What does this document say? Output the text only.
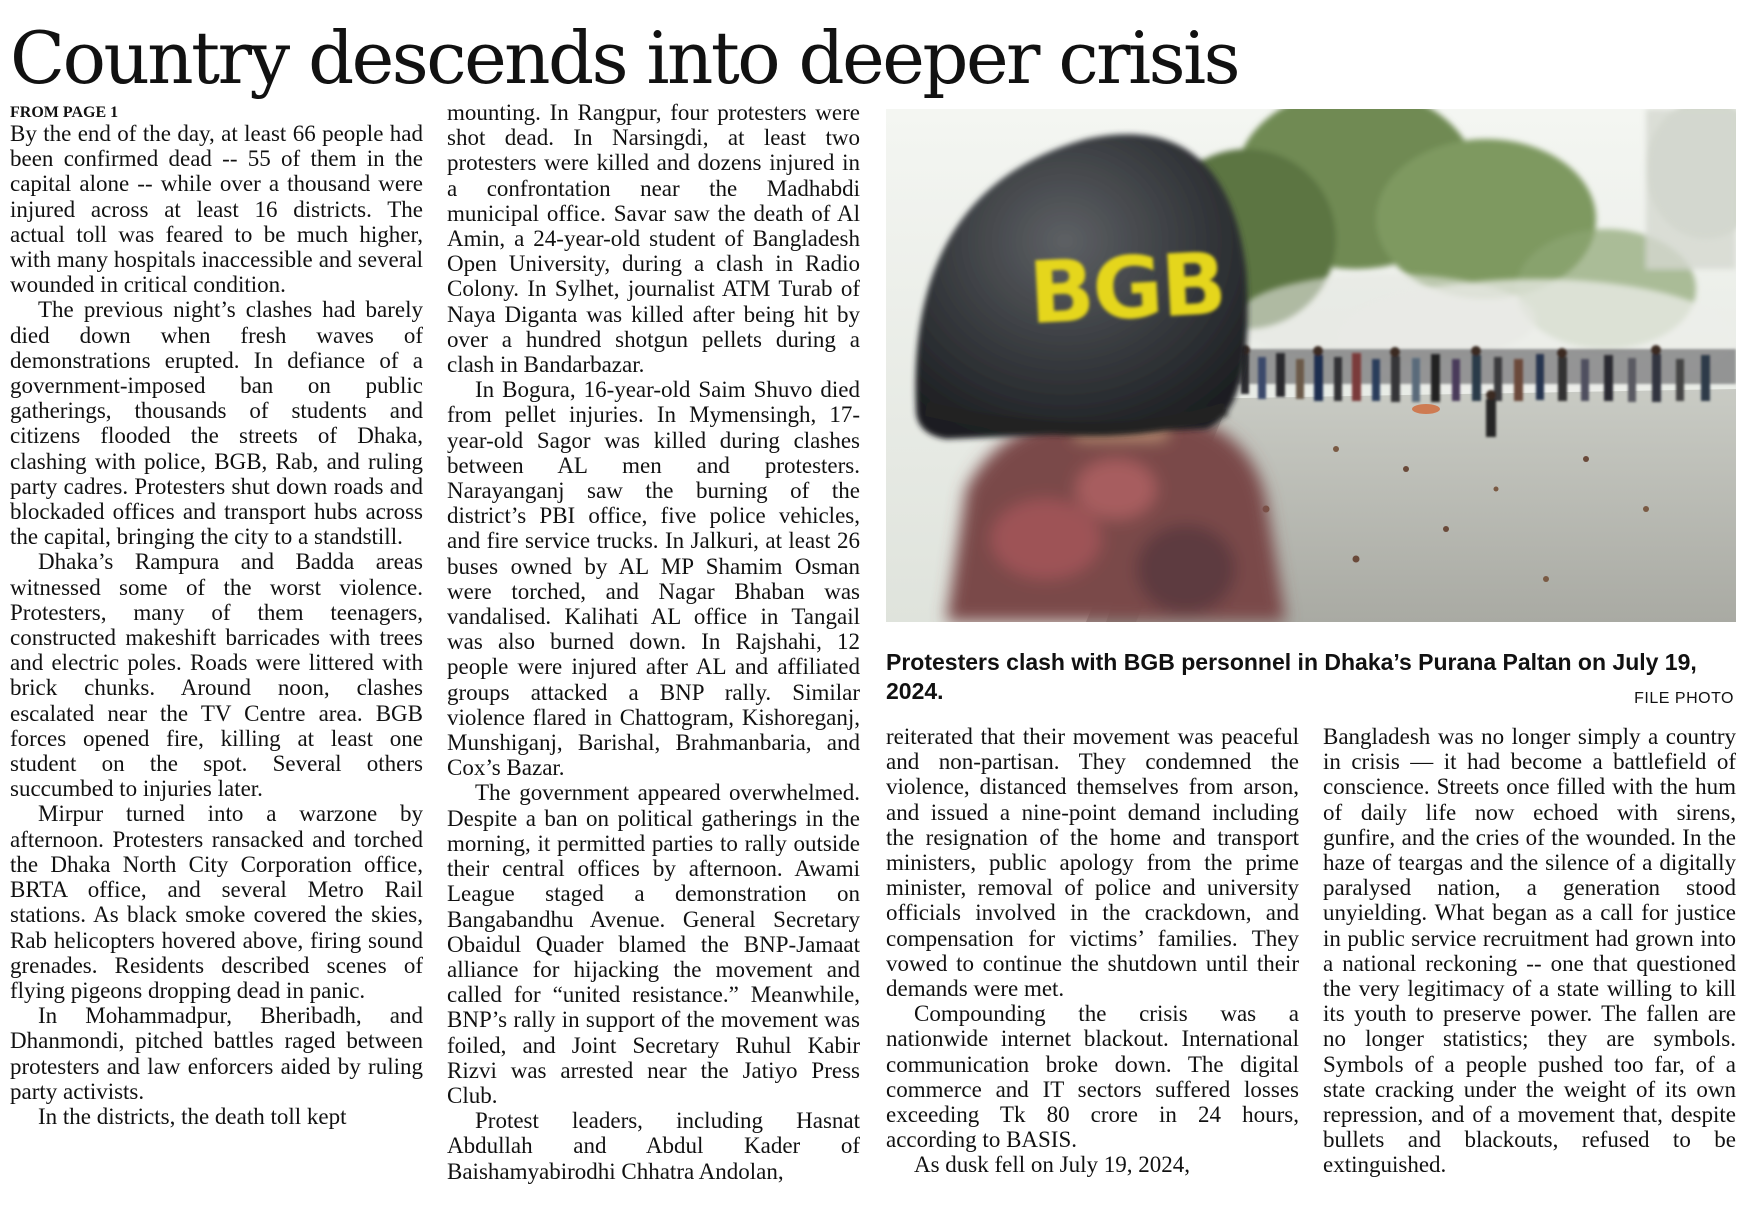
Country descends into deeper crisis
FROM PAGE 1

By the end of the day, at least 66 people had been confirmed dead -- 55 of them in the capital alone -- while over a thousand were injured across at least 16 districts. The actual toll was feared to be much higher, with many hospitals inaccessible and several wounded in critical condition.

The previous night’s clashes had barely died down when fresh waves of demonstrations erupted. In defiance of a government-imposed ban on public gatherings, thousands of students and citizens flooded the streets of Dhaka, clashing with police, BGB, Rab, and ruling party cadres. Protesters shut down roads and blockaded offices and transport hubs across the capital, bringing the city to a standstill.

Dhaka’s Rampura and Badda areas witnessed some of the worst violence. Protesters, many of them teenagers, constructed makeshift barricades with trees and electric poles. Roads were littered with brick chunks. Around noon, clashes escalated near the TV Centre area. BGB forces opened fire, killing at least one student on the spot. Several others succumbed to injuries later.

Mirpur turned into a warzone by afternoon. Protesters ransacked and torched the Dhaka North City Corporation office, BRTA office, and several Metro Rail stations. As black smoke covered the skies, Rab helicopters hovered above, firing sound grenades. Residents described scenes of flying pigeons dropping dead in panic.

In Mohammadpur, Bheribadh, and Dhanmondi, pitched battles raged between protesters and law enforcers aided by ruling party activists.

In the districts, the death toll kept

mounting. In Rangpur, four protesters were shot dead. In Narsingdi, at least two protesters were killed and dozens injured in a confrontation near the Madhabdi municipal office. Savar saw the death of Al Amin, a 24-year-old student of Bangladesh Open University, during a clash in Radio Colony. In Sylhet, journalist ATM Turab of Naya Diganta was killed after being hit by over a hundred shotgun pellets during a clash in Bandarbazar.

In Bogura, 16-year-old Saim Shuvo died from pellet injuries. In Mymensingh, 17-year-old Sagor was killed during clashes between AL men and protesters. Narayanganj saw the burning of the district’s PBI office, five police vehicles, and fire service trucks. In Jalkuri, at least 26 buses owned by AL MP Shamim Osman were torched, and Nagar Bhaban was vandalised. Kalihati AL office in Tangail was also burned down. In Rajshahi, 12 people were injured after AL and affiliated groups attacked a BNP rally. Similar violence flared in Chattogram, Kishoreganj, Munshiganj, Barishal, Brahmanbaria, and Cox’s Bazar.

The government appeared overwhelmed. Despite a ban on political gatherings in the morning, it permitted parties to rally outside their central offices by afternoon. Awami League staged a demonstration on Bangabandhu Avenue. General Secretary Obaidul Quader blamed the BNP-Jamaat alliance for hijacking the movement and called for “united resistance.” Meanwhile, BNP’s rally in support of the movement was foiled, and Joint Secretary Ruhul Kabir Rizvi was arrested near the Jatiyo Press Club.

Protest leaders, including Hasnat Abdullah and Abdul Kader of Baishamyabirodhi Chhatra Andolan,

BGB

Protesters clash with BGB personnel in Dhaka’s Purana Paltan on July 19, 2024.	FILE PHOTO

reiterated that their movement was peaceful and non-partisan. They condemned the violence, distanced themselves from arson, and issued a nine-point demand including the resignation of the home and transport ministers, public apology from the prime minister, removal of police and university officials involved in the crackdown, and compensation for victims’ families. They vowed to continue the shutdown until their demands were met.

Compounding the crisis was a nationwide internet blackout. International communication broke down. The digital commerce and IT sectors suffered losses exceeding Tk 80 crore in 24 hours, according to BASIS.

As dusk fell on July 19, 2024,

Bangladesh was no longer simply a country in crisis — it had become a battlefield of conscience. Streets once filled with the hum of daily life now echoed with sirens, gunfire, and the cries of the wounded. In the haze of teargas and the silence of a digitally paralysed nation, a generation stood unyielding. What began as a call for justice in public service recruitment had grown into a national reckoning -- one that questioned the very legitimacy of a state willing to kill its youth to preserve power. The fallen are no longer statistics; they are symbols. Symbols of a people pushed too far, of a state cracking under the weight of its own repression, and of a movement that, despite bullets and blackouts, refused to be extinguished.
